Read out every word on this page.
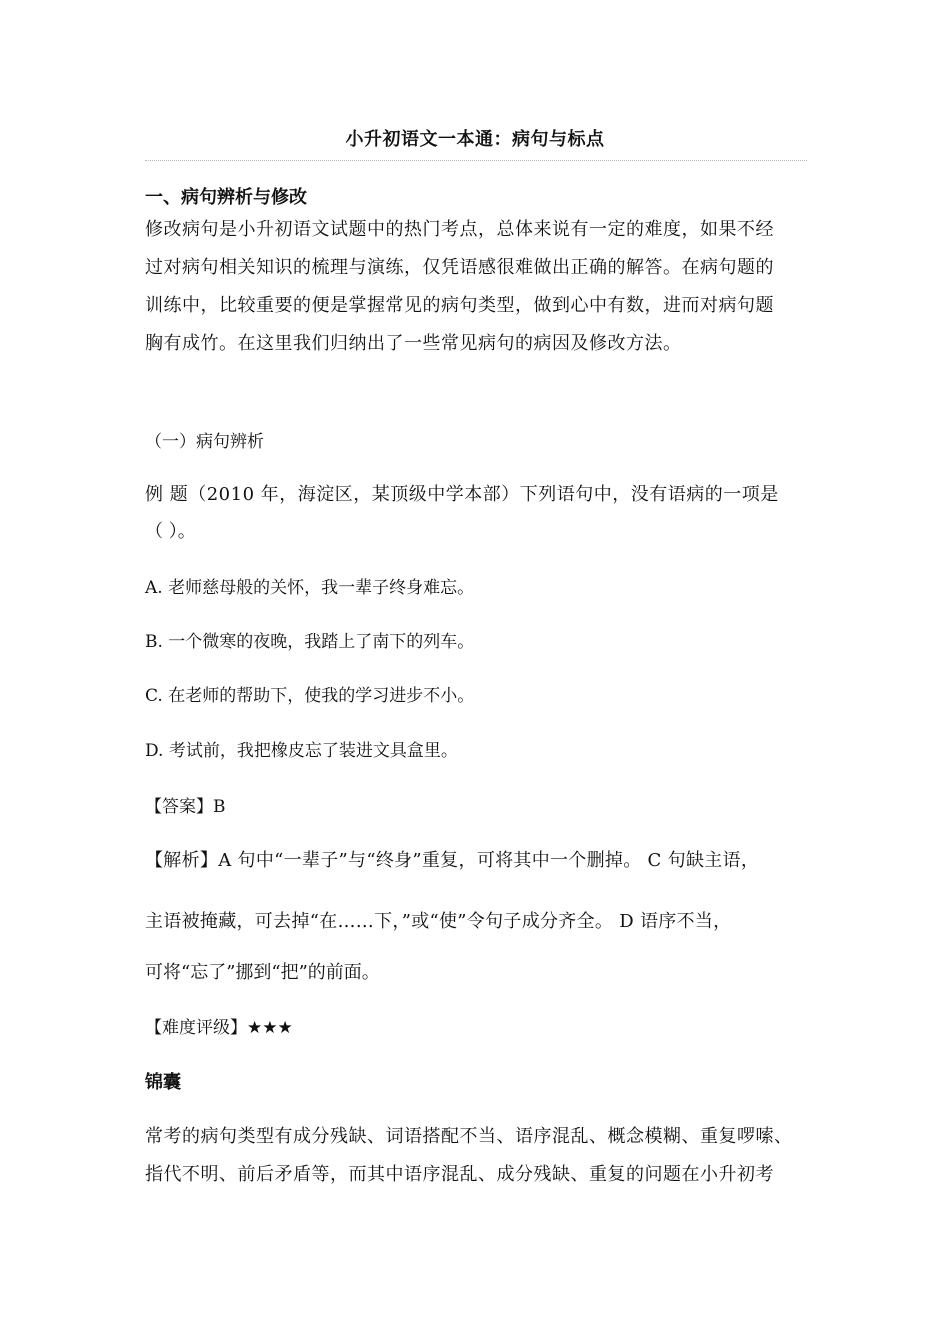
小升初语文一本通：病句与标点
一、病句辨析与修改
修改病句是小升初语文试题中的热门考点，总体来说有一定的难度，如果不经
过对病句相关知识的梳理与演练，仅凭语感很难做出正确的解答。在病句题的
训练中，比较重要的便是掌握常见的病句类型，做到心中有数，进而对病句题
胸有成竹。在这里我们归纳出了一些常见病句的病因及修改方法。
（一）病句辨析
例 题（2010 年，海淀区，某顶级中学本部）下列语句中，没有语病的一项是
（ ）。
A. 老师慈母般的关怀，我一辈子终身难忘。
B. 一个微寒的夜晚，我踏上了南下的列车。
C. 在老师的帮助下，使我的学习进步不小。
D. 考试前，我把橡皮忘了装进文具盒里。
【答案】B
【解析】A 句中“一辈子”与“终身”重复，可将其中一个删掉。 C 句缺主语，
主语被掩藏，可去掉“在……下，”或“使”令句子成分齐全。 D 语序不当，
可将“忘了”挪到“把”的前面。
【难度评级】★★★
锦囊
常考的病句类型有成分残缺、词语搭配不当、语序混乱、概念模糊、重复啰嗦、
指代不明、前后矛盾等，而其中语序混乱、成分残缺、重复的问题在小升初考
